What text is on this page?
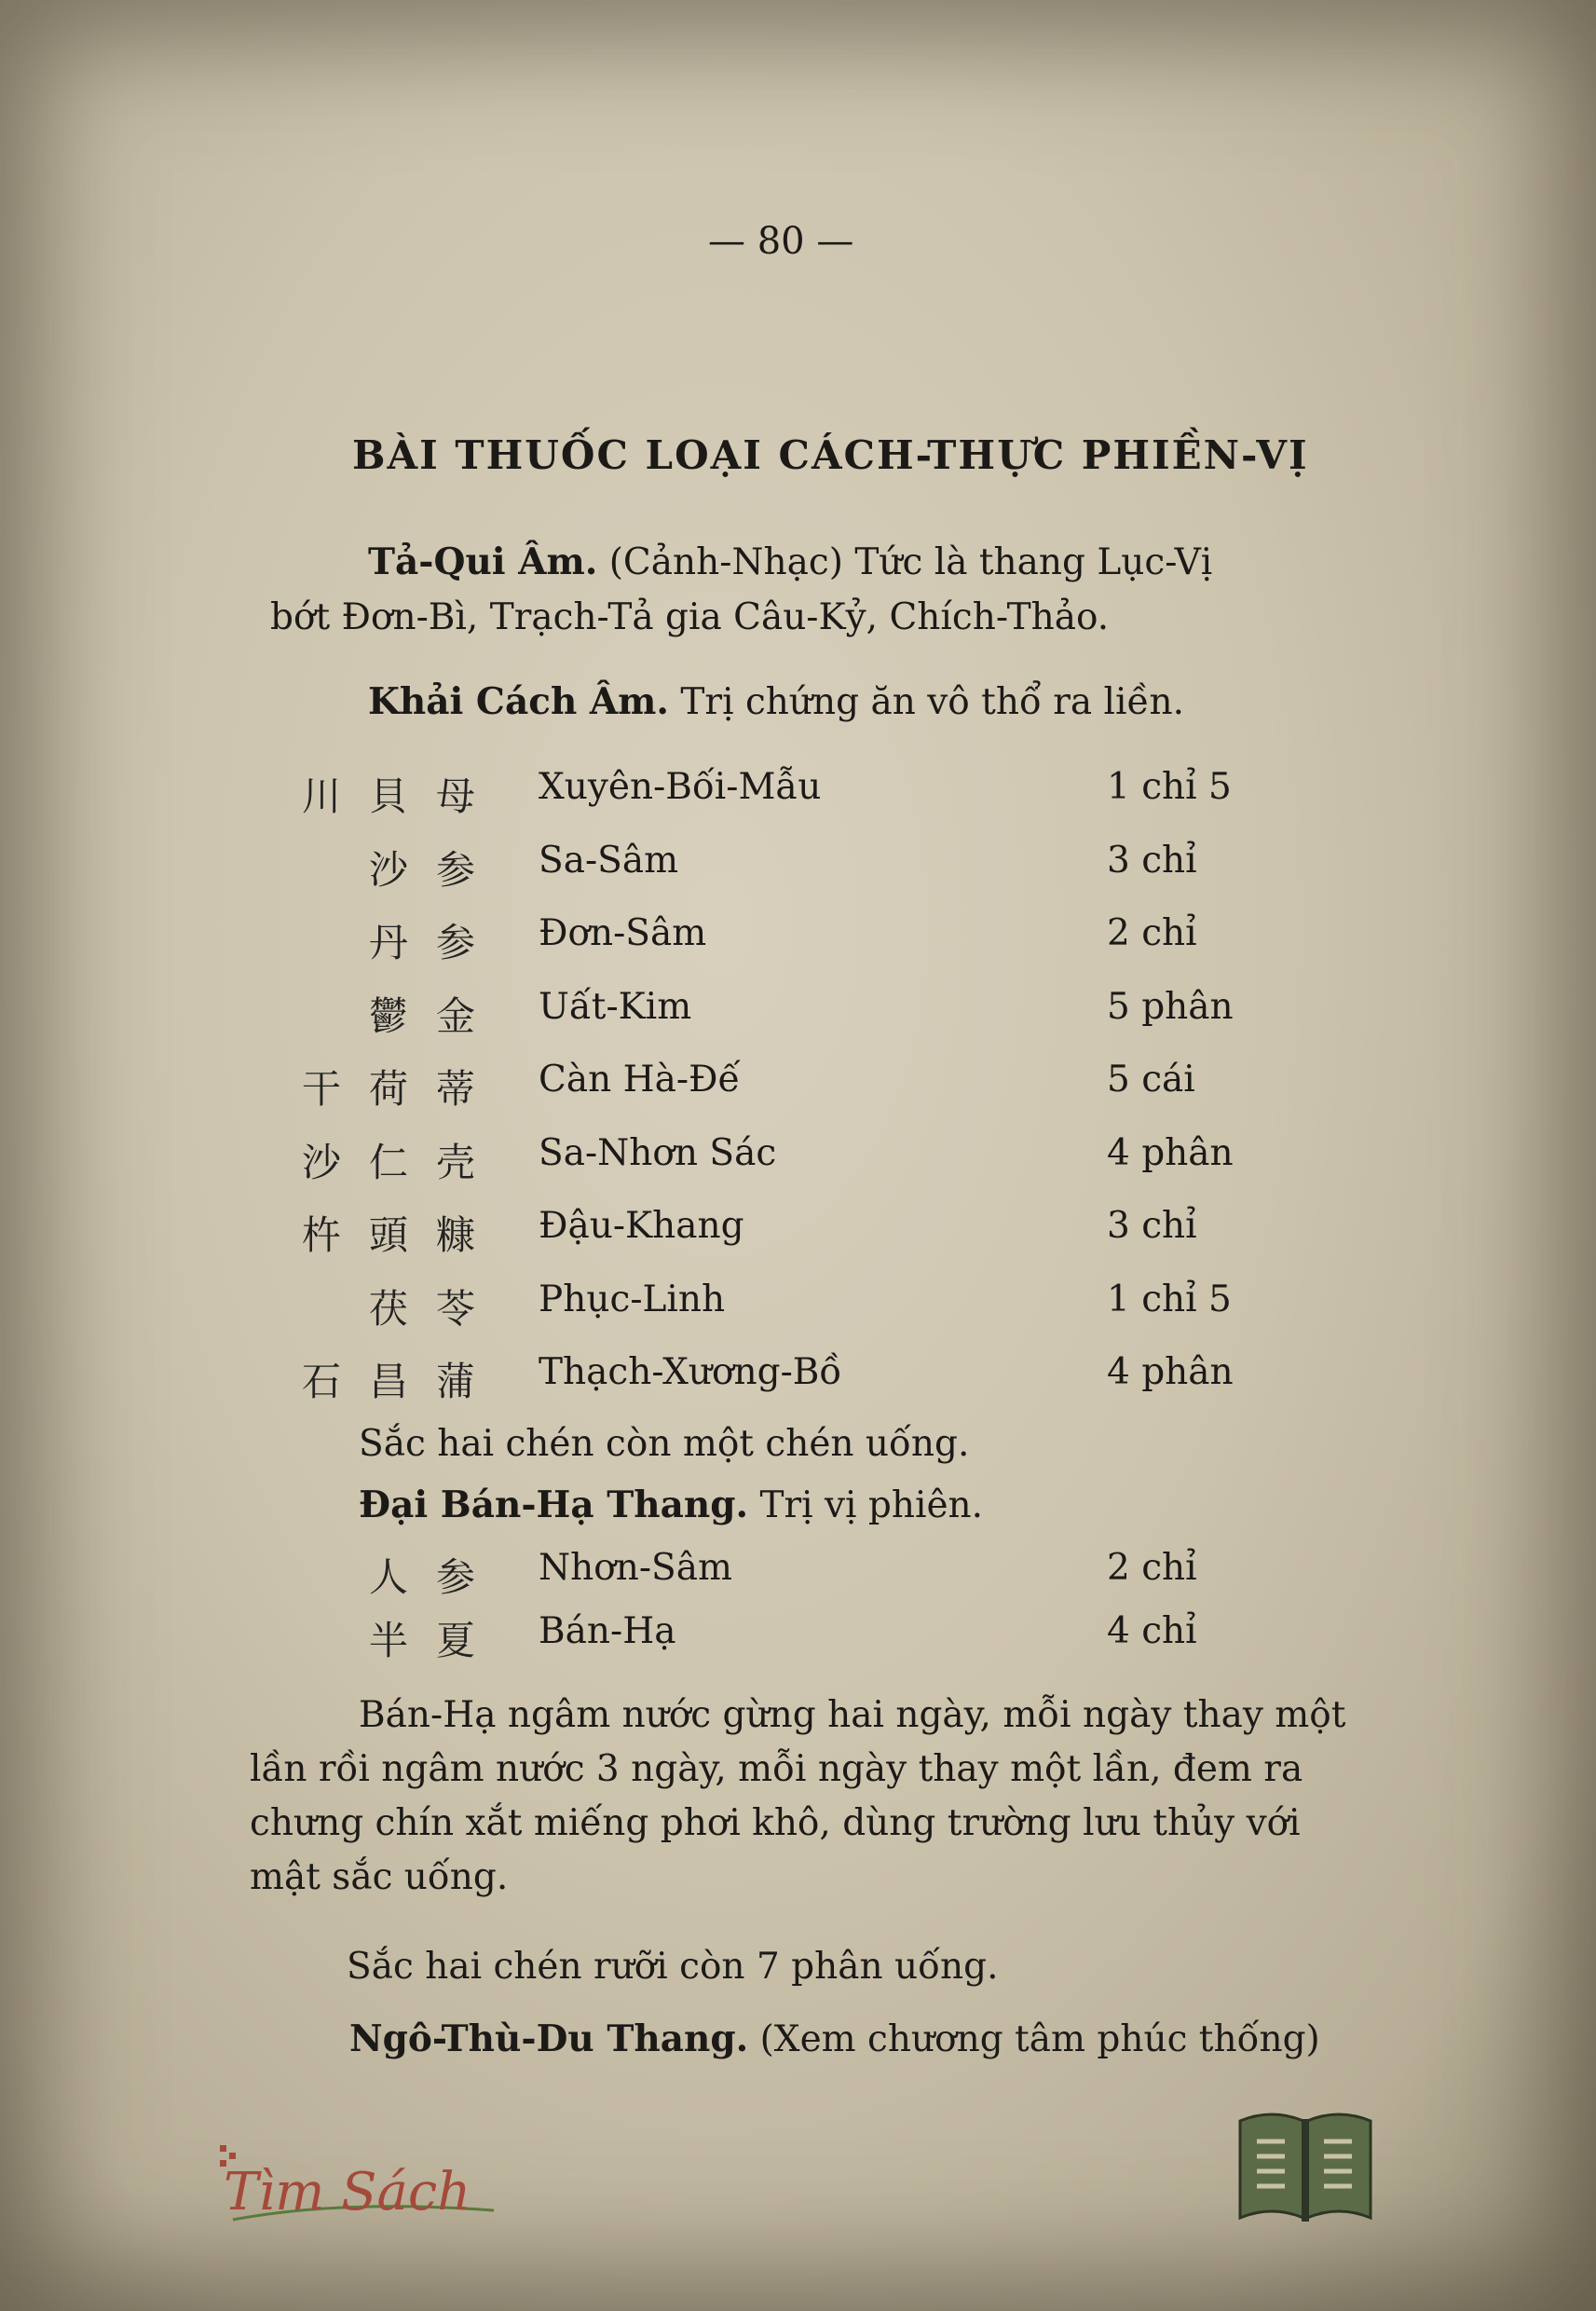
— 80 —
BÀI THUỐC LOẠI CÁCH-THỰC PHIỀN-VỊ
Tả-Qui Âm. (Cảnh-Nhạc) Tức là thang Lục-Vị
bớt Đơn-Bì, Trạch-Tả gia Câu-Kỷ, Chích-Thảo.
Khải Cách Âm. Trị chứng ăn vô thổ ra liền.
川貝母 Xuyên-Bối-Mẫu	1 chỉ 5
沙参 Sa-Sâm	3 chỉ
丹参 Đơn-Sâm	2 chỉ
鬱金 Uất-Kim	5 phân
干荷蒂 Càn Hà-Đế	5 cái
沙仁壳 Sa-Nhơn Sác	4 phân
杵頭糠 Đậu-Khang	3 chỉ
茯苓 Phục-Linh	1 chỉ 5
石昌蒲 Thạch-Xương-Bồ	4 phân
Sắc hai chén còn một chén uống.
Đại Bán-Hạ Thang. Trị vị phiên.
人参 Nhơn-Sâm	2 chỉ
半夏 Bán-Hạ	4 chỉ
Bán-Hạ ngâm nước gừng hai ngày, mỗi ngày thay một
lần rồi ngâm nước 3 ngày, mỗi ngày thay một lần, đem ra
chưng chín xắt miếng phơi khô, dùng trường lưu thủy với
mật sắc uống.
Sắc hai chén rưỡi còn 7 phân uống.
Ngô-Thù-Du Thang. (Xem chương tâm phúc thống)
Tìm Sách
